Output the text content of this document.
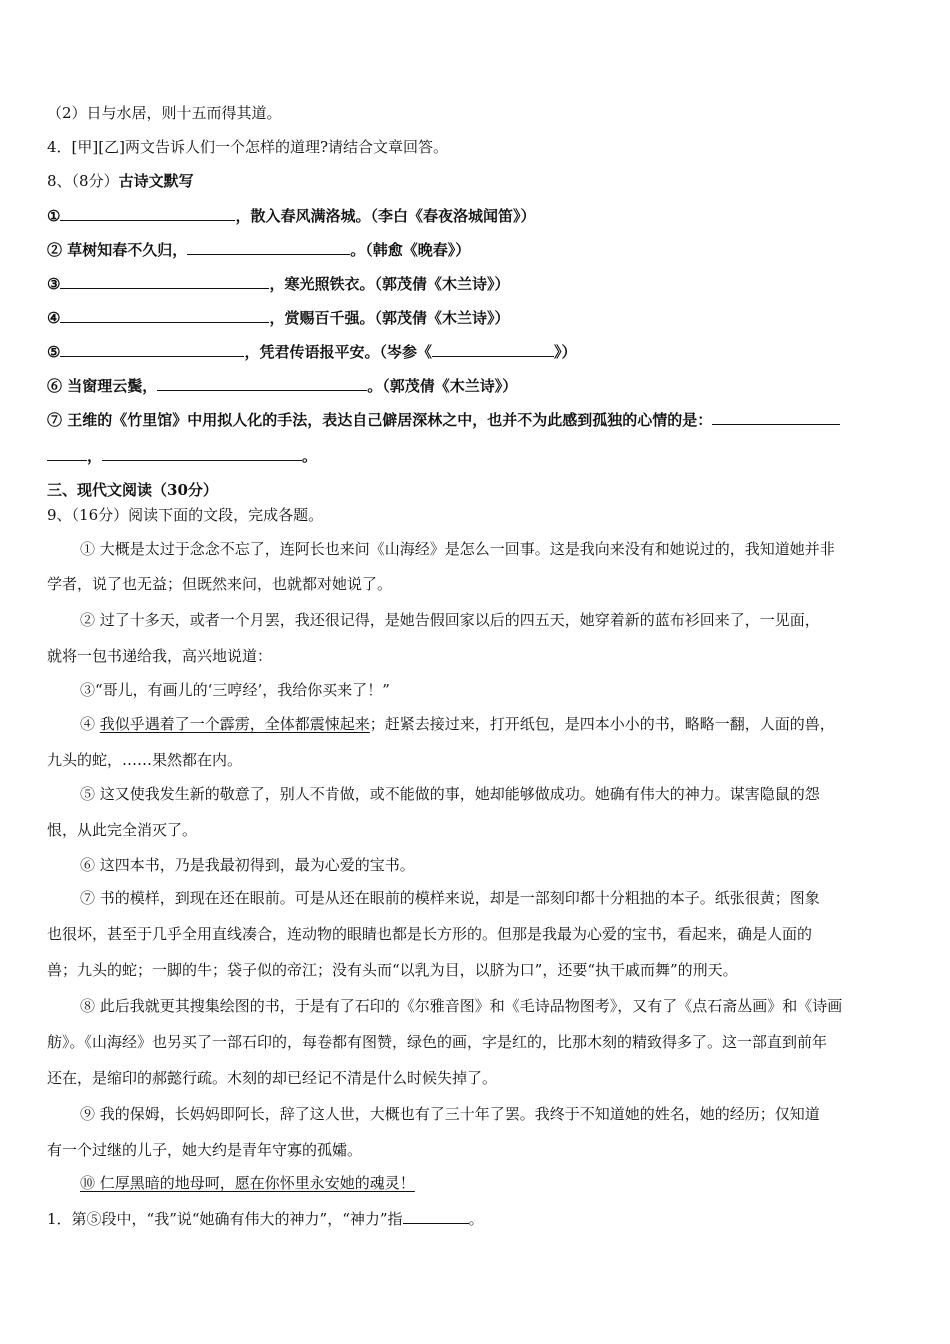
（2）日与水居，则十五而得其道。
4．[甲][乙]两文告诉人们一个怎样的道理?请结合文章回答。
8、（8分）古诗文默写
①	，散入春风满洛城。（李白《春夜洛城闻笛》）
② 草树知春不久归，	。（韩愈《晚春》）
③	，寒光照铁衣。（郭茂倩《木兰诗》）
④	，赏赐百千强。（郭茂倩《木兰诗》）
⑤	，凭君传语报平安。（岑参《	》）
⑥ 当窗理云鬓，	。（郭茂倩《木兰诗》）
⑦ 王维的《竹里馆》中用拟人化的手法，表达自己僻居深林之中，也并不为此感到孤独的心情的是：
，	。
三、现代文阅读（30分）
9、（16分）阅读下面的文段，完成各题。
① 大概是太过于念念不忘了，连阿长也来问《山海经》是怎么一回事。这是我向来没有和她说过的，我知道她并非
学者，说了也无益；但既然来问，也就都对她说了。
② 过了十多天，或者一个月罢，我还很记得，是她告假回家以后的四五天，她穿着新的蓝布衫回来了，一见面，
就将一包书递给我，高兴地说道：
③“哥儿，有画儿的‘三哼经’，我给你买来了！”
④ 我似乎遇着了一个霹雳，全体都震悚起来；赶紧去接过来，打开纸包，是四本小小的书，略略一翻，人面的兽，
九头的蛇，……果然都在内。
⑤ 这又使我发生新的敬意了，别人不肯做，或不能做的事，她却能够做成功。她确有伟大的神力。谋害隐鼠的怨
恨，从此完全消灭了。
⑥ 这四本书，乃是我最初得到，最为心爱的宝书。
⑦ 书的模样，到现在还在眼前。可是从还在眼前的模样来说，却是一部刻印都十分粗拙的本子。纸张很黄；图象
也很坏，甚至于几乎全用直线凑合，连动物的眼睛也都是长方形的。但那是我最为心爱的宝书，看起来，确是人面的
兽；九头的蛇；一脚的牛；袋子似的帝江；没有头而“以乳为目，以脐为口”，还要“执干戚而舞”的刑天。
⑧ 此后我就更其搜集绘图的书，于是有了石印的《尔雅音图》和《毛诗品物图考》，又有了《点石斋丛画》和《诗画
舫》。《山海经》也另买了一部石印的，每卷都有图赞，绿色的画，字是红的，比那木刻的精致得多了。这一部直到前年
还在，是缩印的郝懿行疏。木刻的却已经记不清是什么时候失掉了。
⑨ 我的保姆，长妈妈即阿长，辞了这人世，大概也有了三十年了罢。我终于不知道她的姓名，她的经历；仅知道
有一个过继的儿子，她大约是青年守寡的孤孀。
⑩ 仁厚黑暗的地母呵，愿在你怀里永安她的魂灵！
1．第⑤段中，“我”说“她确有伟大的神力”，“神力”指	。
